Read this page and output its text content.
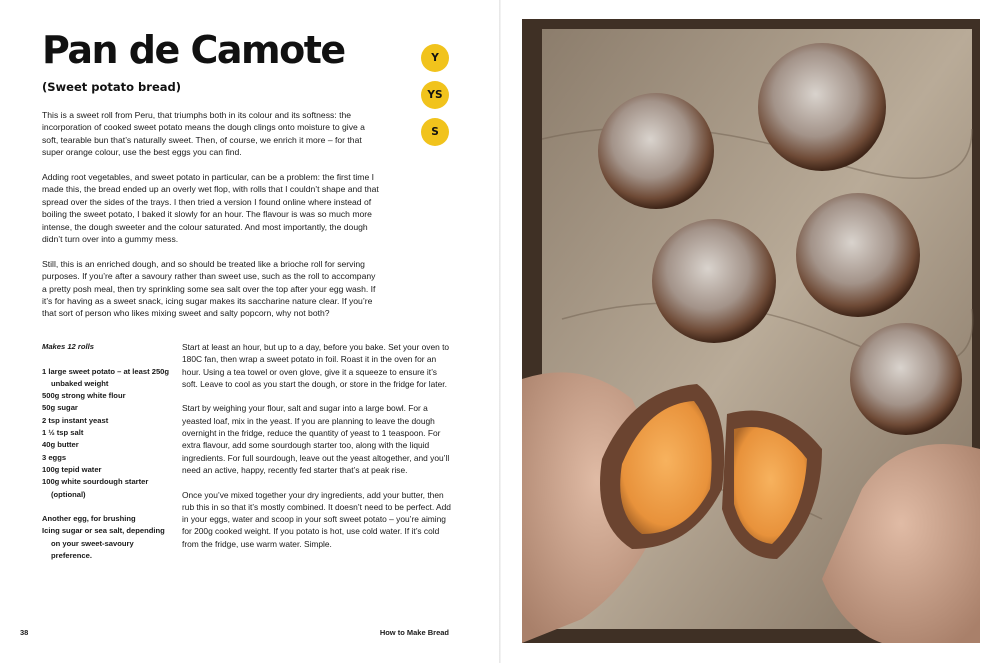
Pan de Camote
(Sweet potato bread)
Y
YS
S

This is a sweet roll from Peru, that triumphs both in its colour and its softness: the incorporation of cooked sweet potato means the dough clings onto moisture to give a soft, tearable bun that’s naturally sweet. Then, of course, we enrich it more – for that super orange colour, use the best eggs you can find.

Adding root vegetables, and sweet potato in particular, can be a problem: the first time I made this, the bread ended up an overly wet flop, with rolls that I couldn’t shape and that spread over the sides of the trays. I then tried a version I found online where instead of boiling the sweet potato, I baked it slowly for an hour. The flavour is was so much more intense, the dough sweeter and the colour saturated. And most importantly, the dough didn’t turn over into a gummy mess.

Still, this is an enriched dough, and so should be treated like a brioche roll for serving purposes. If you’re after a savoury rather than sweet use, such as the roll to accompany a pretty posh meal, then try sprinkling some sea salt over the top after your egg wash. If it’s for having as a sweet snack, icing sugar makes its saccharine nature clear. If you’re that sort of person who likes mixing sweet and salty popcorn, why not both?

Makes 12 rolls
1 large sweet potato – at least 250g unbaked weight
500g strong white flour
50g sugar
2 tsp instant yeast
1 ½ tsp salt
40g butter
3 eggs
100g tepid water
100g white sourdough starter (optional)
Another egg, for brushing
Icing sugar or sea salt, depending on your sweet-savoury preference.

Start at least an hour, but up to a day, before you bake. Set your oven to 180C fan, then wrap a sweet potato in foil. Roast it in the oven for an hour. Using a tea towel or oven glove, give it a squeeze to ensure it’s soft. Leave to cool as you start the dough, or store in the fridge for later.

Start by weighing your flour, salt and sugar into a large bowl. For a yeasted loaf, mix in the yeast. If you are planning to leave the dough overnight in the fridge, reduce the quantity of yeast to 1 teaspoon. For extra flavour, add some sourdough starter too, along with the liquid ingredients. For full sourdough, leave out the yeast altogether, and you’ll need an active, happy, recently fed starter that’s at peak rise.

Once you’ve mixed together your dry ingredients, add your butter, then rub this in so that it’s mostly combined. It doesn’t need to be perfect. Add in your eggs, water and scoop in your soft sweet potato – you’re aiming for 200g cooked weight. If you potato is hot, use cold water. If it’s cold from the fridge, use warm water. Simple.

38	How to Make Bread
